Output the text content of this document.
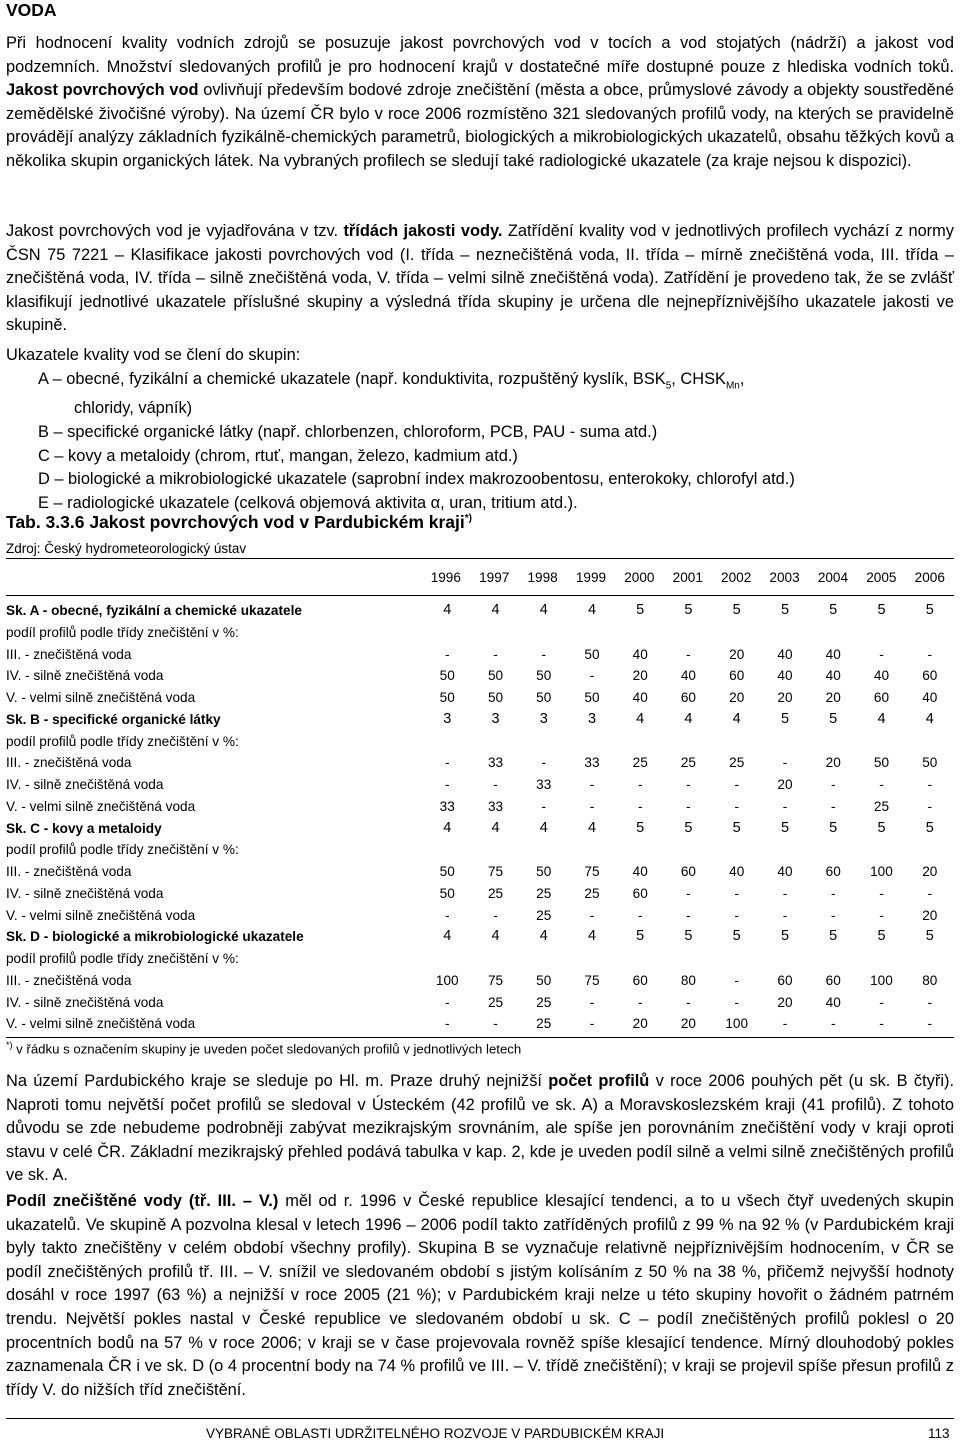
VODA

Při hodnocení kvality vodních zdrojů se posuzuje jakost povrchových vod v tocích a vod stojatých (nádrží) a jakost vod podzemních. Množství sledovaných profilů je pro hodnocení krajů v dostatečné míře dostupné pouze z hlediska vodních toků. Jakost povrchových vod ovlivňují především bodové zdroje znečištění (města a obce, průmyslové závody a objekty soustředěné zemědělské živočišné výroby). Na území ČR bylo v roce 2006 rozmístěno 321 sledovaných profilů vody, na kterých se pravidelně provádějí analýzy základních fyzikálně-chemických parametrů, biologických a mikrobiologických ukazatelů, obsahu těžkých kovů a několika skupin organických látek. Na vybraných profilech se sledují také radiologické ukazatele (za kraje nejsou k dispozici).

Jakost povrchových vod je vyjadřována v tzv. třídách jakosti vody. Zatřídění kvality vod v jednotlivých profilech vychází z normy ČSN 75 7221 – Klasifikace jakosti povrchových vod (I. třída – neznečištěná voda, II. třída – mírně znečištěná voda, III. třída – znečištěná voda, IV. třída – silně znečištěná voda, V. třída – velmi silně znečištěná voda). Zatřídění je provedeno tak, že se zvlášť klasifikují jednotlivé ukazatele příslušné skupiny a výsledná třída skupiny je určena dle nejnepříznivějšího ukazatele jakosti ve skupině.

Ukazatele kvality vod se člení do skupin:

A – obecné, fyzikální a chemické ukazatele (např. konduktivita, rozpuštěný kyslík, $BSK_5$, $CHSK_{Mn}$,

chloridy, vápník)

B – specifické organické látky (např. chlorbenzen, chloroform, PCB, PAU - suma atd.)

C – kovy a metaloidy (chrom, rtuť, mangan, železo, kadmium atd.)

D – biologické a mikrobiologické ukazatele (saprobní index makrozoobentosu, enterokoky, chlorofyl atd.)

E – radiologické ukazatele (celková objemová aktivita α, uran, tritium atd.).

Tab. 3.3.6 Jakost povrchových vod v Pardubickém kraji*)
Zdroj: Český hydrometeorologický ústav
	1996	1997	1998	1999	2000	2001	2002	2003	2004	2005	2006
Sk. A - obecné, fyzikální a chemické ukazatele	4	4	4	4	5	5	5	5	5	5	5
podíl profilů podle třídy znečištění v %:											
III. - znečištěná voda	-	-	-	50	40	-	20	40	40	-	-
IV. - silně znečištěná voda	50	50	50	-	20	40	60	40	40	40	60
V. - velmi silně znečištěná voda	50	50	50	50	40	60	20	20	20	60	40
Sk. B - specifické organické látky	3	3	3	3	4	4	4	5	5	4	4
podíl profilů podle třídy znečištění v %:											
III. - znečištěná voda	-	33	-	33	25	25	25	-	20	50	50
IV. - silně znečištěná voda	-	-	33	-	-	-	-	20	-	-	-
V. - velmi silně znečištěná voda	33	33	-	-	-	-	-	-	-	25	-
Sk. C - kovy a metaloidy	4	4	4	4	5	5	5	5	5	5	5
podíl profilů podle třídy znečištění v %:											
III. - znečištěná voda	50	75	50	75	40	60	40	40	60	100	20
IV. - silně znečištěná voda	50	25	25	25	60	-	-	-	-	-	-
V. - velmi silně znečištěná voda	-	-	25	-	-	-	-	-	-	-	20
Sk. D - biologické a mikrobiologické ukazatele	4	4	4	4	5	5	5	5	5	5	5
podíl profilů podle třídy znečištění v %:											
III. - znečištěná voda	100	75	50	75	60	80	-	60	60	100	80
IV. - silně znečištěná voda	-	25	25	-	-	-	-	20	40	-	-
V. - velmi silně znečištěná voda	-	-	25	-	20	20	100	-	-	-	-
*) v řádku s označením skupiny je uveden počet sledovaných profilů v jednotlivých letech

Na území Pardubického kraje se sleduje po Hl. m. Praze druhý nejnižší počet profilů v roce 2006 pouhých pět (u sk. B čtyři). Naproti tomu největší počet profilů se sledoval v Ústeckém (42 profilů ve sk. A) a Moravskoslezském kraji (41 profilů). Z tohoto důvodu se zde nebudeme podrobněji zabývat mezikrajským srovnáním, ale spíše jen porovnáním znečištění vody v kraji oproti stavu v celé ČR. Základní mezikrajský přehled podává tabulka v kap. 2, kde je uveden podíl silně a velmi silně znečištěných profilů ve sk. A.

Podíl znečištěné vody (tř. III. – V.) měl od r. 1996 v České republice klesající tendenci, a to u všech čtyř uvedených skupin ukazatelů. Ve skupině A pozvolna klesal v letech 1996 – 2006 podíl takto zatříděných profilů z 99 % na 92 % (v Pardubickém kraji byly takto znečištěny v celém období všechny profily). Skupina B se vyznačuje relativně nejpříznivějším hodnocením, v ČR se podíl znečištěných profilů tř. III. – V. snížil ve sledovaném období s jistým kolísáním z 50 % na 38 %, přičemž nejvyšší hodnoty dosáhl v roce 1997 (63 %) a nejnižší v roce 2005 (21 %); v Pardubickém kraji nelze u této skupiny hovořit o žádném patrném trendu. Největší pokles nastal v České republice ve sledovaném období u sk. C – podíl znečištěných profilů poklesl o 20 procentních bodů na 57 % v roce 2006; v kraji se v čase projevovala rovněž spíše klesající tendence. Mírný dlouhodobý pokles zaznamenala ČR i ve sk. D (o 4 procentní body na 74 % profilů ve III. – V. třídě znečištění); v kraji se projevil spíše přesun profilů z třídy V. do nižších tříd znečištění.

VYBRANÉ OBLASTI UDRŽITELNÉHO ROZVOJE V PARDUBICKÉM KRAJI	113
